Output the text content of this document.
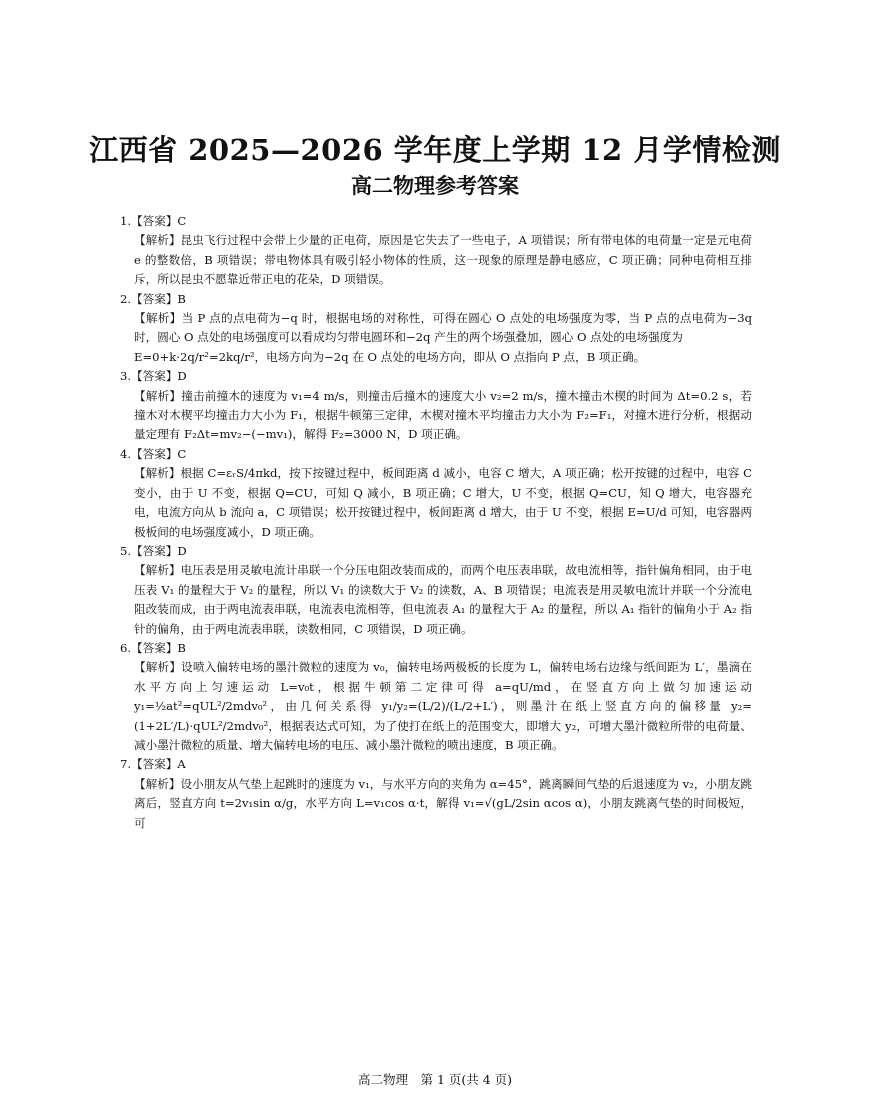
江西省 2025—2026 学年度上学期 12 月学情检测
高二物理参考答案

1.【答案】C

【解析】昆虫飞行过程中会带上少量的正电荷，原因是它失去了一些电子，A 项错误；所有带电体的电荷量一定是元电荷 e 的整数倍，B 项错误；带电物体具有吸引轻小物体的性质，这一现象的原理是静电感应，C 项正确；同种电荷相互排斥，所以昆虫不愿靠近带正电的花朵，D 项错误。

2.【答案】B

【解析】当 P 点的点电荷为−q 时，根据电场的对称性，可得在圆心 O 点处的电场强度为零，当 P 点的点电荷为−3q 时，圆心 O 点处的电场强度可以看成均匀带电圆环和−2q 产生的两个场强叠加，圆心 O 点处的电场强度为

E=0+k·2q/r²=2kq/r²，电场方向为−2q 在 O 点处的电场方向，即从 O 点指向 P 点，B 项正确。

3.【答案】D

【解析】撞击前撞木的速度为 v₁=4 m/s，则撞击后撞木的速度大小 v₂=2 m/s，撞木撞击木楔的时间为 Δt=0.2 s，若撞木对木楔平均撞击力大小为 F₁，根据牛顿第三定律，木楔对撞木平均撞击力大小为 F₂=F₁，对撞木进行分析，根据动量定理有 F₂Δt=mv₂−(−mv₁)，解得 F₂=3000 N，D 项正确。

4.【答案】C

【解析】根据 C=εᵣS/4πkd，按下按键过程中，板间距离 d 减小，电容 C 增大，A 项正确；松开按键的过程中，电容 C 变小，由于 U 不变，根据 Q=CU，可知 Q 减小，B 项正确；C 增大，U 不变，根据 Q=CU，知 Q 增大，电容器充电，电流方向从 b 流向 a，C 项错误；松开按键过程中，板间距离 d 增大，由于 U 不变，根据 E=U/d 可知，电容器两极板间的电场强度减小，D 项正确。

5.【答案】D

【解析】电压表是用灵敏电流计串联一个分压电阻改装而成的，而两个电压表串联，故电流相等，指针偏角相同，由于电压表 V₁ 的量程大于 V₂ 的量程，所以 V₁ 的读数大于 V₂ 的读数，A、B 项错误；电流表是用灵敏电流计并联一个分流电阻改装而成，由于两电流表串联，电流表电流相等，但电流表 A₁ 的量程大于 A₂ 的量程，所以 A₁ 指针的偏角小于 A₂ 指针的偏角，由于两电流表串联，读数相同，C 项错误，D 项正确。

6.【答案】B

【解析】设喷入偏转电场的墨汁微粒的速度为 v₀，偏转电场两极板的长度为 L，偏转电场右边缘与纸间距为 L′，墨滴在水平方向上匀速运动 L=v₀t，根据牛顿第二定律可得 a=qU/md，在竖直方向上做匀加速运动 y₁=½at²=qUL²/2mdv₀²，由几何关系得 y₁/y₂=(L/2)/(L/2+L′)，则墨汁在纸上竖直方向的偏移量 y₂=(1+2L′/L)·qUL²/2mdv₀²，根据表达式可知，为了使打在纸上的范围变大，即增大 y₂，可增大墨汁微粒所带的电荷量、减小墨汁微粒的质量、增大偏转电场的电压、减小墨汁微粒的喷出速度，B 项正确。

7.【答案】A

【解析】设小朋友从气垫上起跳时的速度为 v₁，与水平方向的夹角为 α=45°，跳离瞬间气垫的后退速度为 v₂，小朋友跳离后，竖直方向 t=2v₁sin α/g，水平方向 L=v₁cos α·t，解得 v₁=√(gL/2sin αcos α)，小朋友跳离气垫的时间极短，可

高二物理　第 1 页(共 4 页)
